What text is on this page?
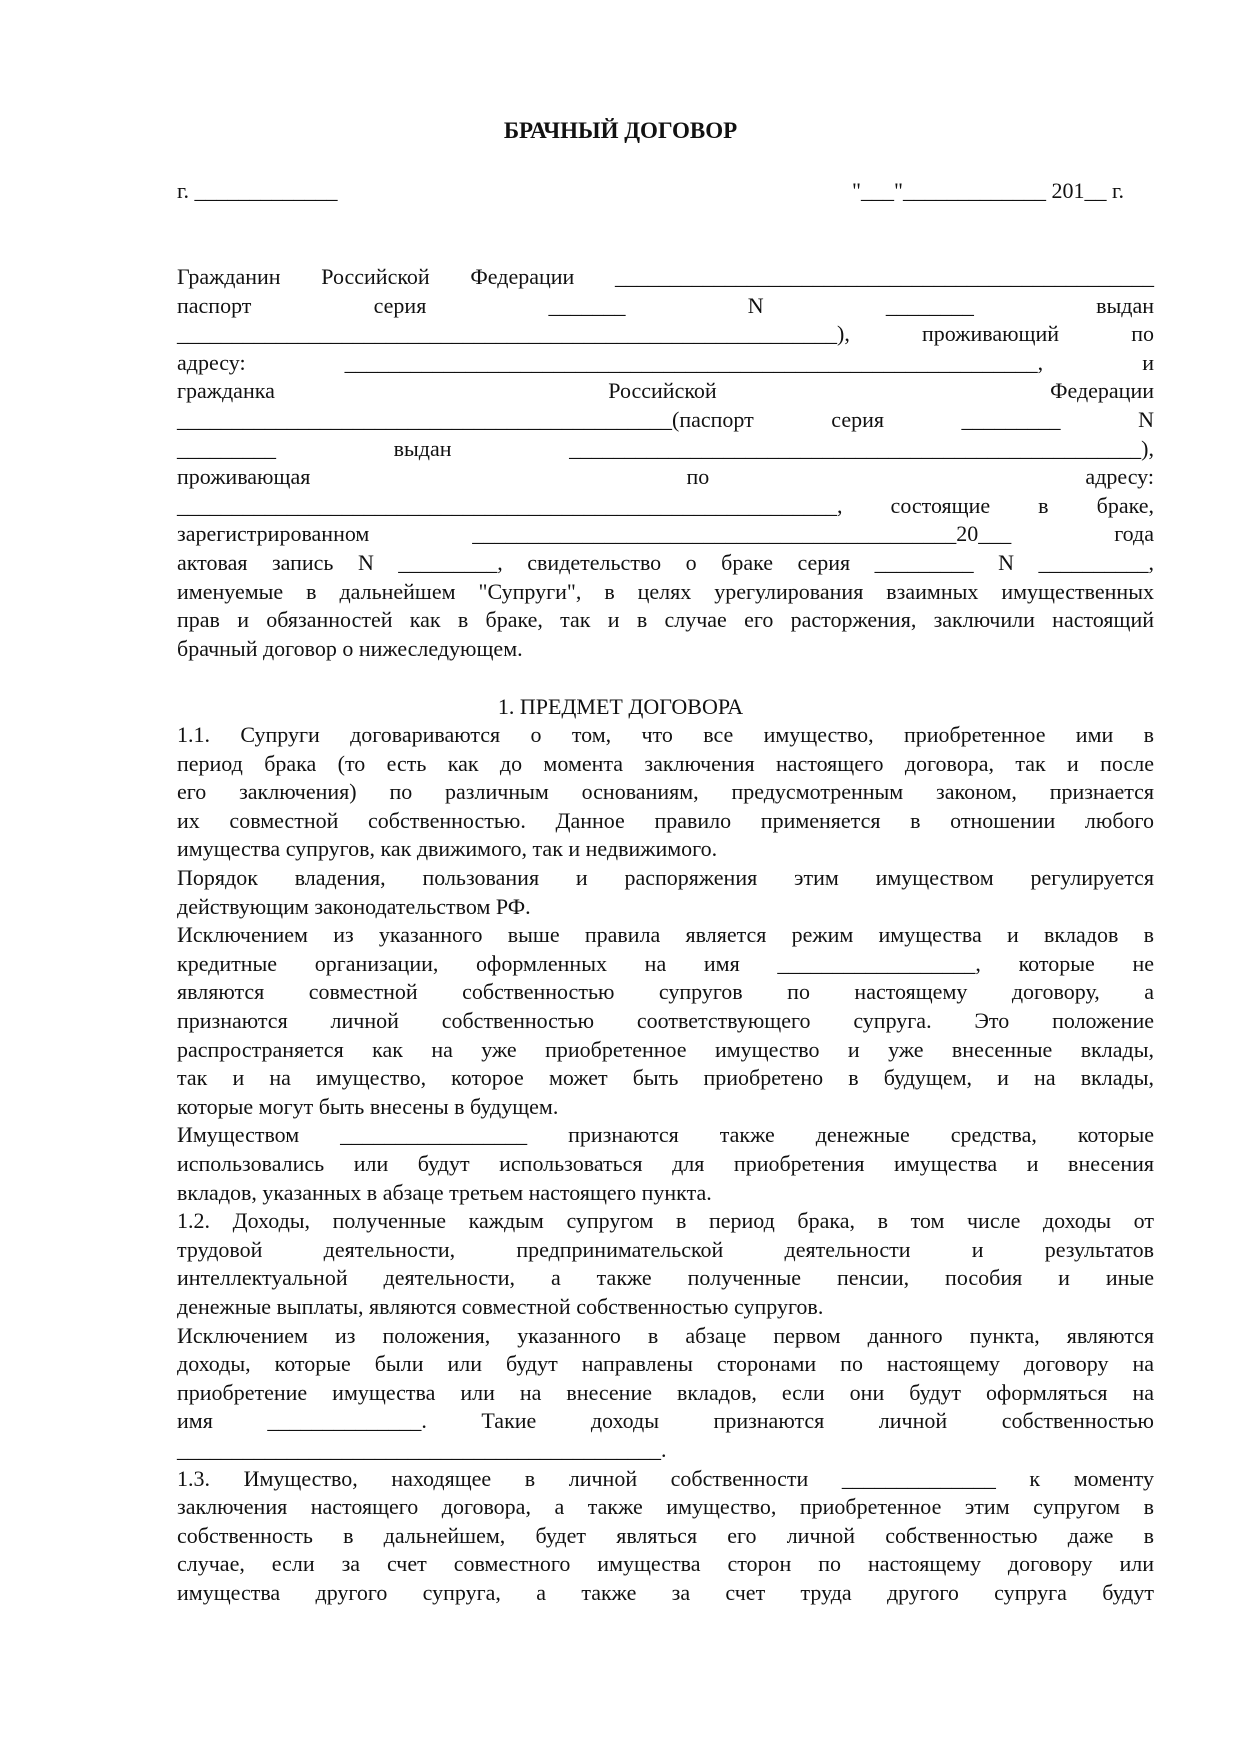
БРАЧНЫЙ ДОГОВОР
г. _____________	"___"_____________ 201__ г.
Гражданин Российской Федерации _________________________________________________
паспорт серия _______ N ________ выдан
____________________________________________________________), проживающий по
адресу: _______________________________________________________________, и
гражданка Российской Федерации
_____________________________________________(паспорт серия _________ N
_________ выдан ____________________________________________________),
проживающая по адресу:
____________________________________________________________, состоящие в браке,
зарегистрированном ____________________________________________20___ года
актовая запись N _________, свидетельство о браке серия _________ N __________,
именуемые в дальнейшем "Супруги", в целях урегулирования взаимных имущественных
прав и обязанностей как в браке, так и в случае его расторжения, заключили настоящий
брачный договор о нижеследующем.
1. ПРЕДМЕТ ДОГОВОРА
1.1. Супруги договариваются о том, что все имущество, приобретенное ими в
период брака (то есть как до момента заключения настоящего договора, так и после
его заключения) по различным основаниям, предусмотренным законом, признается
их совместной собственностью. Данное правило применяется в отношении любого
имущества супругов, как движимого, так и недвижимого.
Порядок владения, пользования и распоряжения этим имуществом регулируется
действующим законодательством РФ.
Исключением из указанного выше правила является режим имущества и вкладов в
кредитные организации, оформленных на имя __________________, которые не
являются совместной собственностью супругов по настоящему договору, а
признаются личной собственностью соответствующего супруга. Это положение
распространяется как на уже приобретенное имущество и уже внесенные вклады,
так и на имущество, которое может быть приобретено в будущем, и на вклады,
которые могут быть внесены в будущем.
Имуществом _________________ признаются также денежные средства, которые
использовались или будут использоваться для приобретения имущества и внесения
вкладов, указанных в абзаце третьем настоящего пункта.
1.2. Доходы, полученные каждым супругом в период брака, в том числе доходы от
трудовой деятельности, предпринимательской деятельности и результатов
интеллектуальной деятельности, а также полученные пенсии, пособия и иные
денежные выплаты, являются совместной собственностью супругов.
Исключением из положения, указанного в абзаце первом данного пункта, являются
доходы, которые были или будут направлены сторонами по настоящему договору на
приобретение имущества или на внесение вкладов, если они будут оформляться на
имя ______________. Такие доходы признаются личной собственностью
____________________________________________.
1.3. Имущество, находящее в личной собственности ______________ к моменту
заключения настоящего договора, а также имущество, приобретенное этим супругом в
собственность в дальнейшем, будет являться его личной собственностью даже в
случае, если за счет совместного имущества сторон по настоящему договору или
имущества другого супруга, а также за счет труда другого супруга будут
